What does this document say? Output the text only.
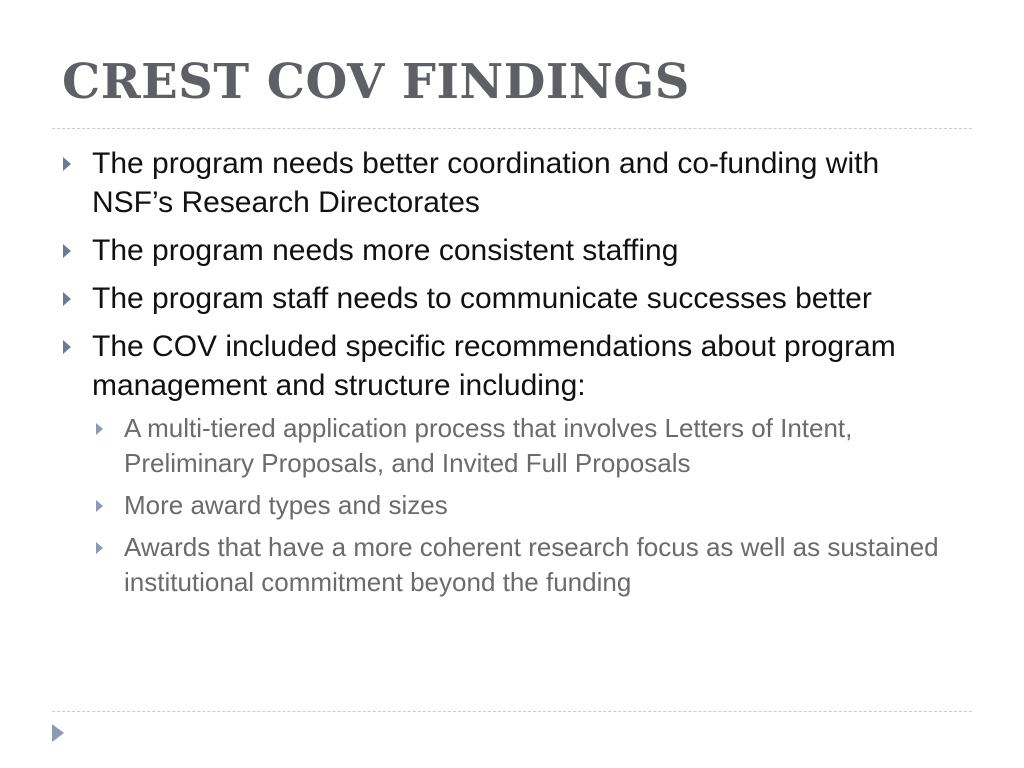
CREST COV FINDINGS
The program needs better coordination and co-funding with NSF’s Research Directorates
The program needs more consistent staffing
The program staff needs to communicate successes better
The COV included specific recommendations about program management and structure including:
A multi-tiered application process that involves Letters of Intent, Preliminary Proposals, and Invited Full Proposals
More award types and sizes
Awards that have a more coherent research focus as well as sustained institutional commitment beyond the funding
